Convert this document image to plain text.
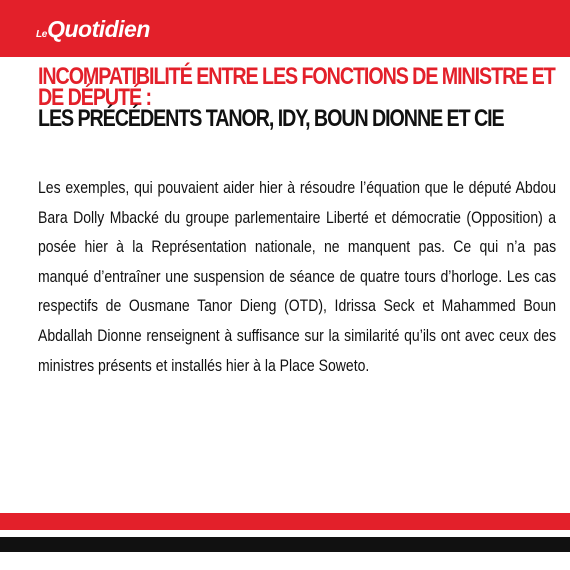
LeQuotidien
INCOMPATIBILITÉ ENTRE LES FONCTIONS DE MINISTRE ET DE DÉPUTÉ :
LES PRÉCÉDENTS TANOR, IDY, BOUN DIONNE ET CIE

Les exemples, qui pouvaient aider hier à résoudre l’équation que le député Abdou Bara Dolly Mbacké du groupe parlementaire Liberté et démocratie (Opposition) a posée hier à la Représentation nationale, ne manquent pas. Ce qui n’a pas manqué d’entraîner une suspension de séance de quatre tours d’horloge. Les cas respectifs de Ousmane Tanor Dieng (OTD), Idrissa Seck et Mahammed Boun Abdallah Dionne renseignent à suffisance sur la similarité qu’ils ont avec ceux des ministres présents et installés hier à la Place Soweto.
